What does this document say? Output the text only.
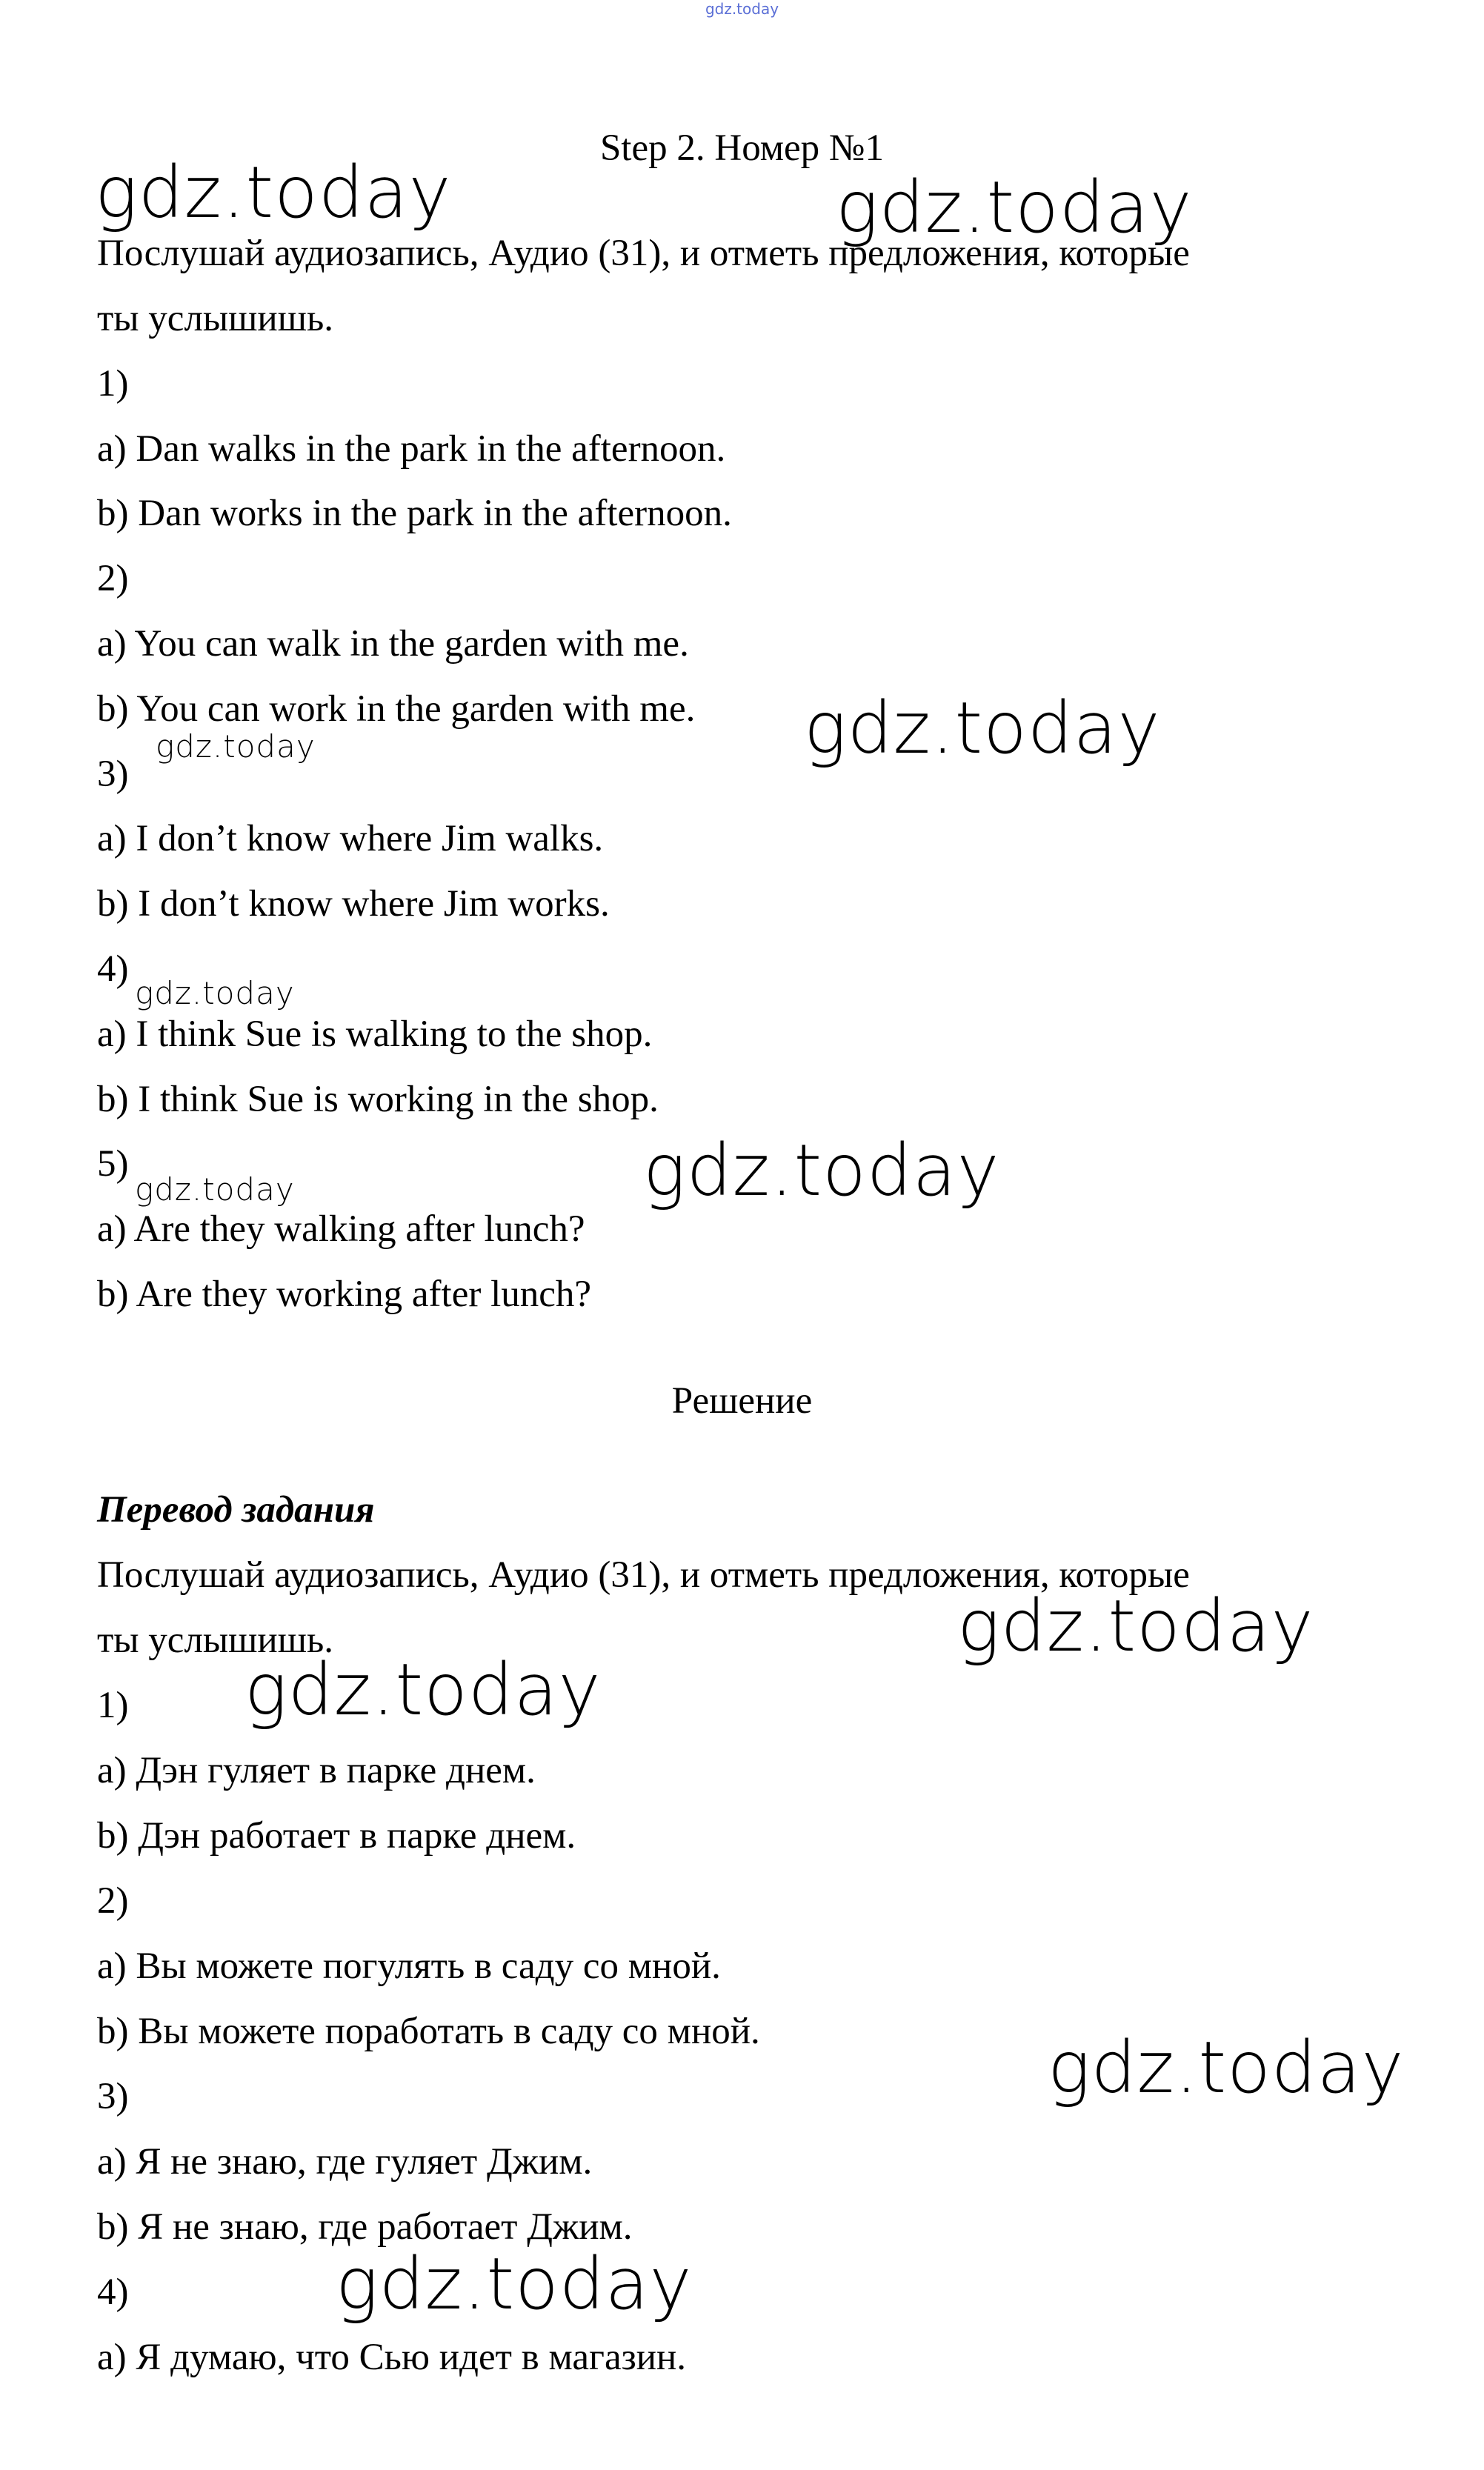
gdz.today
Step 2. Номер №1
Послушай аудиозапись, Аудио (31), и отметь предложения, которые
ты услышишь.
1)
a) Dan walks in the park in the afternoon.
b) Dan works in the park in the afternoon.
2)
a) You can walk in the garden with me.
b) You can work in the garden with me.
3)
a) I don’t know where Jim walks.
b) I don’t know where Jim works.
4)
a) I think Sue is walking to the shop.
b) I think Sue is working in the shop.
5)
a) Are they walking after lunch?
b) Are they working after lunch?
Решение
Перевод задания
Послушай аудиозапись, Аудио (31), и отметь предложения, которые
ты услышишь.
1)
a) Дэн гуляет в парке днем.
b) Дэн работает в парке днем.
2)
a) Вы можете погулять в саду со мной.
b) Вы можете поработать в саду со мной.
3)
a) Я не знаю, где гуляет Джим.
b) Я не знаю, где работает Джим.
4)
a) Я думаю, что Сью идет в магазин.
gdz.today	gdz.today
gdz.today
gdz.today
gdz.today
gdz.today	gdz.today
gdz.today
gdz.today
gdz.today
gdz.today
